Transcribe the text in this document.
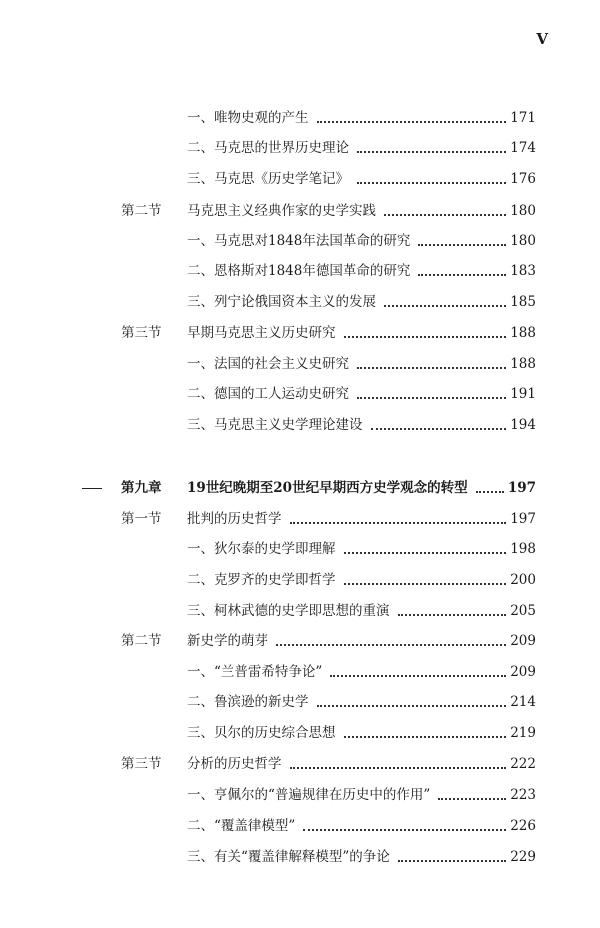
V
一、唯物史观的产生	171
二、马克思的世界历史理论	174
三、马克思《历史学笔记》	176
第二节 马克思主义经典作家的史学实践	180
一、马克思对1848年法国革命的研究	180
二、恩格斯对1848年德国革命的研究	183
三、列宁论俄国资本主义的发展	185
第三节 早期马克思主义历史研究	188
一、法国的社会主义史研究	188
二、德国的工人运动史研究	191
三、马克思主义史学理论建设	194
第九章 19世纪晚期至20世纪早期西方史学观念的转型	197
第一节 批判的历史哲学	197
一、狄尔泰的史学即理解	198
二、克罗齐的史学即哲学	200
三、柯林武德的史学即思想的重演	205
第二节 新史学的萌芽	209
一、“兰普雷希特争论”	209
二、鲁滨逊的新史学	214
三、贝尔的历史综合思想	219
第三节 分析的历史哲学	222
一、亨佩尔的“普遍规律在历史中的作用”	223
二、“覆盖律模型”	226
三、有关“覆盖律解释模型”的争论	229
